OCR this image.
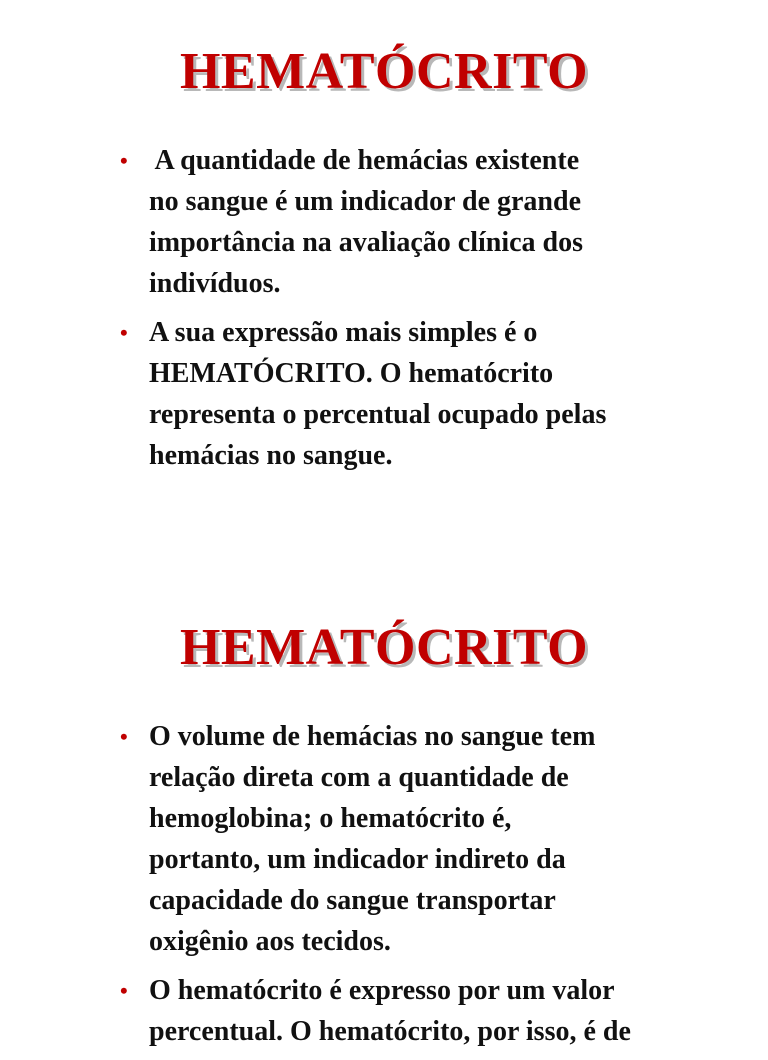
HEMATÓCRITO
• A quantidade de hemácias existente
no sangue é um indicador de grande
importância na avaliação clínica dos
indivíduos.
• A sua expressão mais simples é o
HEMATÓCRITO. O hematócrito
representa o percentual ocupado pelas
hemácias no sangue.
HEMATÓCRITO
• O volume de hemácias no sangue tem
relação direta com a quantidade de
hemoglobina; o hematócrito é,
portanto, um indicador indireto da
capacidade do sangue transportar
oxigênio aos tecidos.
• O hematócrito é expresso por um valor
percentual. O hematócrito, por isso, é de
